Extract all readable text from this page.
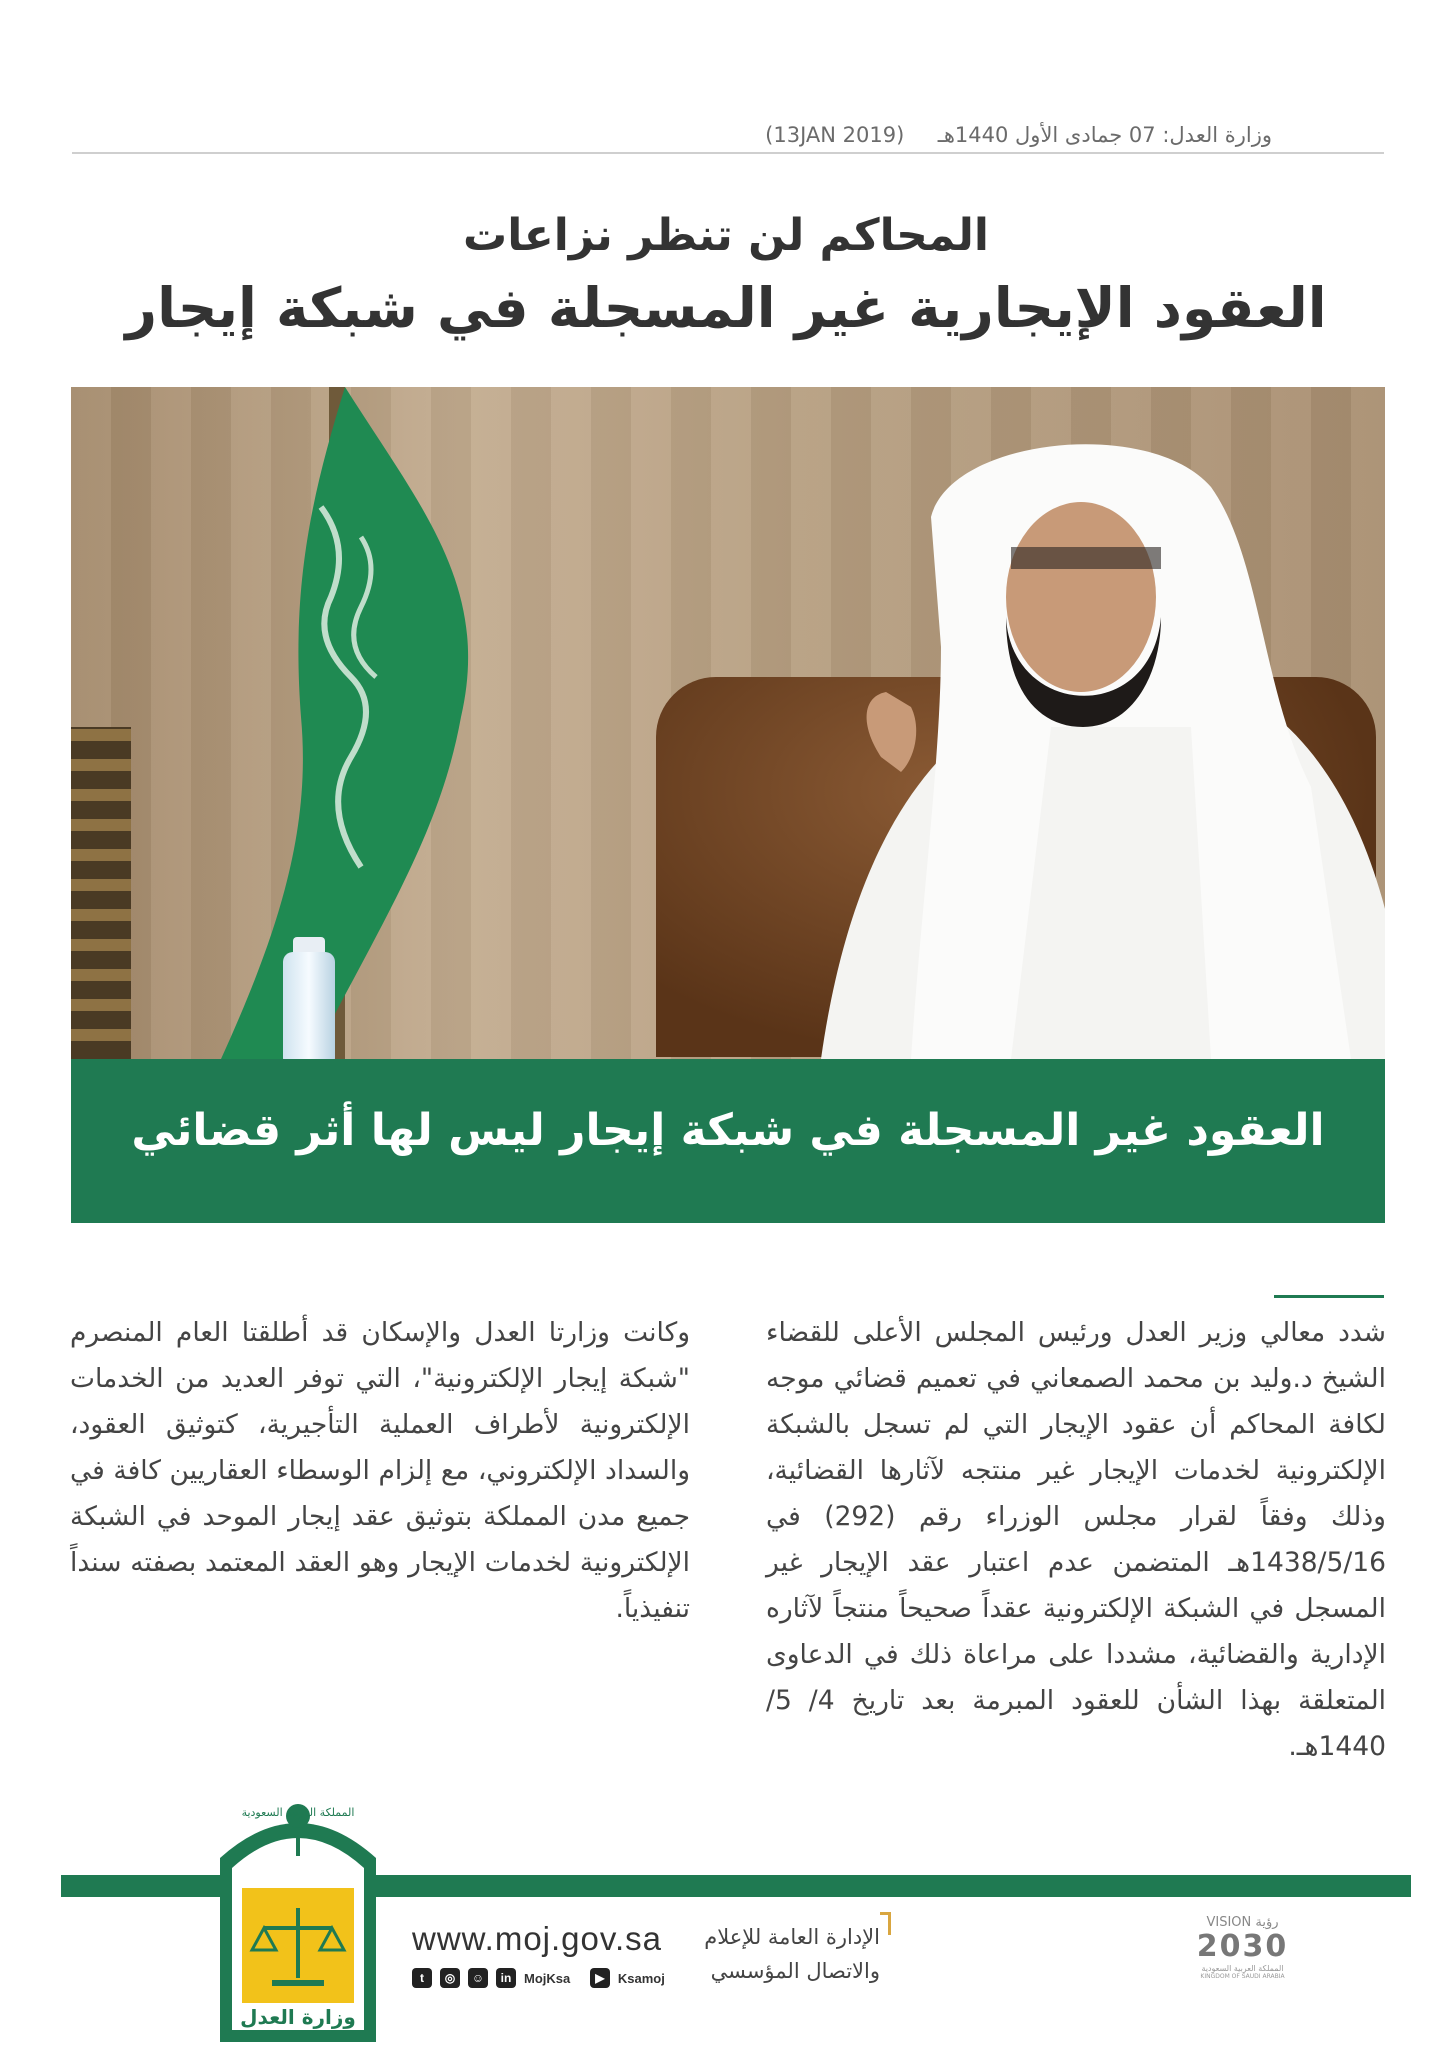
وزارة العدل: 07 جمادى الأول 1440هـ     (13JAN 2019)
المحاكم لن تنظر نزاعات
العقود الإيجارية غير المسجلة في شبكة إيجار
العقود غير المسجلة في شبكة إيجار ليس لها أثر قضائي

شدد معالي وزير العدل ورئيس المجلس الأعلى للقضاء الشيخ د.وليد بن محمد الصمعاني في تعميم قضائي موجه لكافة المحاكم أن عقود الإيجار التي لم تسجل بالشبكة الإلكترونية لخدمات الإيجار غير منتجه لآثارها القضائية، وذلك وفقاً لقرار مجلس الوزراء رقم (292) في 1438/5/16هـ المتضمن عدم اعتبار عقد الإيجار غير المسجل في الشبكة الإلكترونية عقداً صحيحاً منتجاً لآثاره الإدارية والقضائية، مشددا على مراعاة ذلك في الدعاوى المتعلقة بهذا الشأن للعقود المبرمة بعد تاريخ 4/ 5/ 1440هـ.

وكانت وزارتا العدل والإسكان قد أطلقتا العام المنصرم "شبكة إيجار الإلكترونية"، التي توفر العديد من الخدمات الإلكترونية لأطراف العملية التأجيرية، كتوثيق العقود، والسداد الإلكتروني، مع إلزام الوسطاء العقاريين كافة في جميع مدن المملكة بتوثيق عقد إيجار الموحد في الشبكة الإلكترونية لخدمات الإيجار وهو العقد المعتمد بصفته سنداً تنفيذياً.

المملكة العربية السعودية
وزارة العدل
www.moj.gov.sa
t	◎	☺	in MojKsa
	▶	Ksamoj
الإدارة العامة للإعلام
والاتصال المؤسسي
VISION رؤية
2030
المملكة العربية السعودية
KINGDOM OF SAUDI ARABIA
